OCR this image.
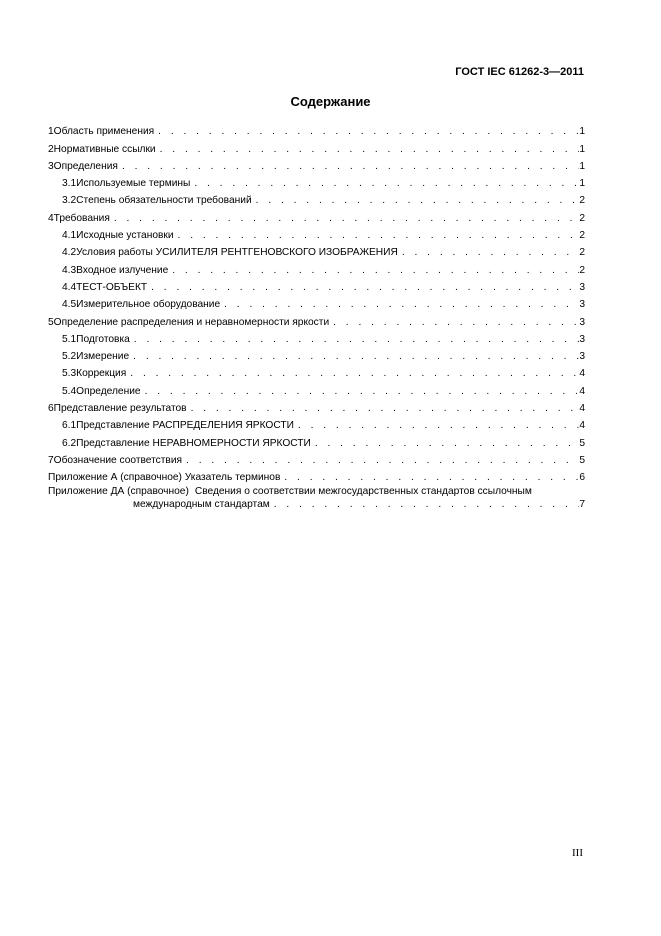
ГОСТ IEC 61262-3—2011
Содержание
1 Область применения . . .	1
2 Нормативные ссылки . . .	1
3 Определения . . .	1
3.1 Используемые термины . . .	1
3.2 Степень обязательности требований . . .	2
4 Требования . . .	2
4.1 Исходные установки . . .	2
4.2 Условия работы УСИЛИТЕЛЯ РЕНТГЕНОВСКОГО ИЗОБРАЖЕНИЯ . . .	2
4.3 Входное излучение . . .	2
4.4 ТЕСТ-ОБЪЕКТ . . .	3
4.5 Измерительное оборудование . . .	3
5 Определение распределения и неравномерности яркости . . .	3
5.1 Подготовка . . .	3
5.2 Измерение . . .	3
5.3 Коррекция . . .	4
5.4 Определение . . .	4
6 Представление результатов . . .	4
6.1 Представление РАСПРЕДЕЛЕНИЯ ЯРКОСТИ . . .	4
6.2 Представление НЕРАВНОМЕРНОСТИ ЯРКОСТИ . . .	5
7 Обозначение соответствия . . .	5
Приложение А (справочное) Указатель терминов . . .	6
Приложение ДА (справочное) Сведения о соответствии межгосударственных стандартов ссылочным
международным стандартам . . .	7
III
